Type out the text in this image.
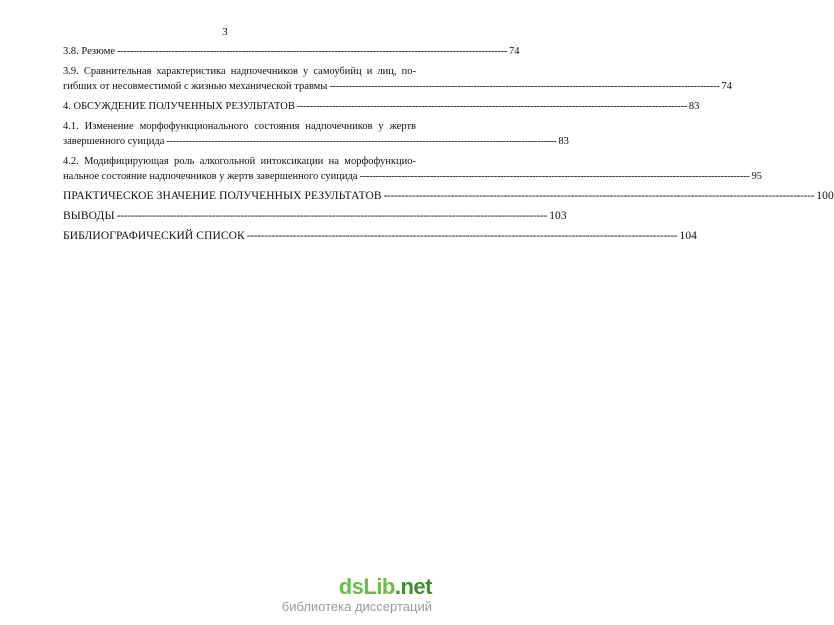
3
3.8. Резюме -------------------------------------------------------------------------------------------------------------------------- 74
3.9. Сравнительная характеристика надпочечников у самоубийц и лиц, по-
гибших от несовместимой с жизнью механической травмы -------------------------------------------------------------------------------------------------------------------------- 74
4. ОБСУЖДЕНИЕ ПОЛУЧЕННЫХ РЕЗУЛЬТАТОВ -------------------------------------------------------------------------------------------------------------------------- 83
4.1. Изменение морфофункционального состояния надпочечников у жертв
завершенного суицида -------------------------------------------------------------------------------------------------------------------------- 83
4.2. Модифицирующая роль алкогольной интоксикации на морфофункцио-
нальное состояние надпочечников у жертв завершенного суицида -------------------------------------------------------------------------------------------------------------------------- 95
ПРАКТИЧЕСКОЕ ЗНАЧЕНИЕ ПОЛУЧЕННЫХ РЕЗУЛЬТАТОВ -------------------------------------------------------------------------------------------------------------------------- 100
ВЫВОДЫ -------------------------------------------------------------------------------------------------------------------------- 103
БИБЛИОГРАФИЧЕСКИЙ СПИСОК -------------------------------------------------------------------------------------------------------------------------- 104
dsLib.net
библиотека диссертаций
